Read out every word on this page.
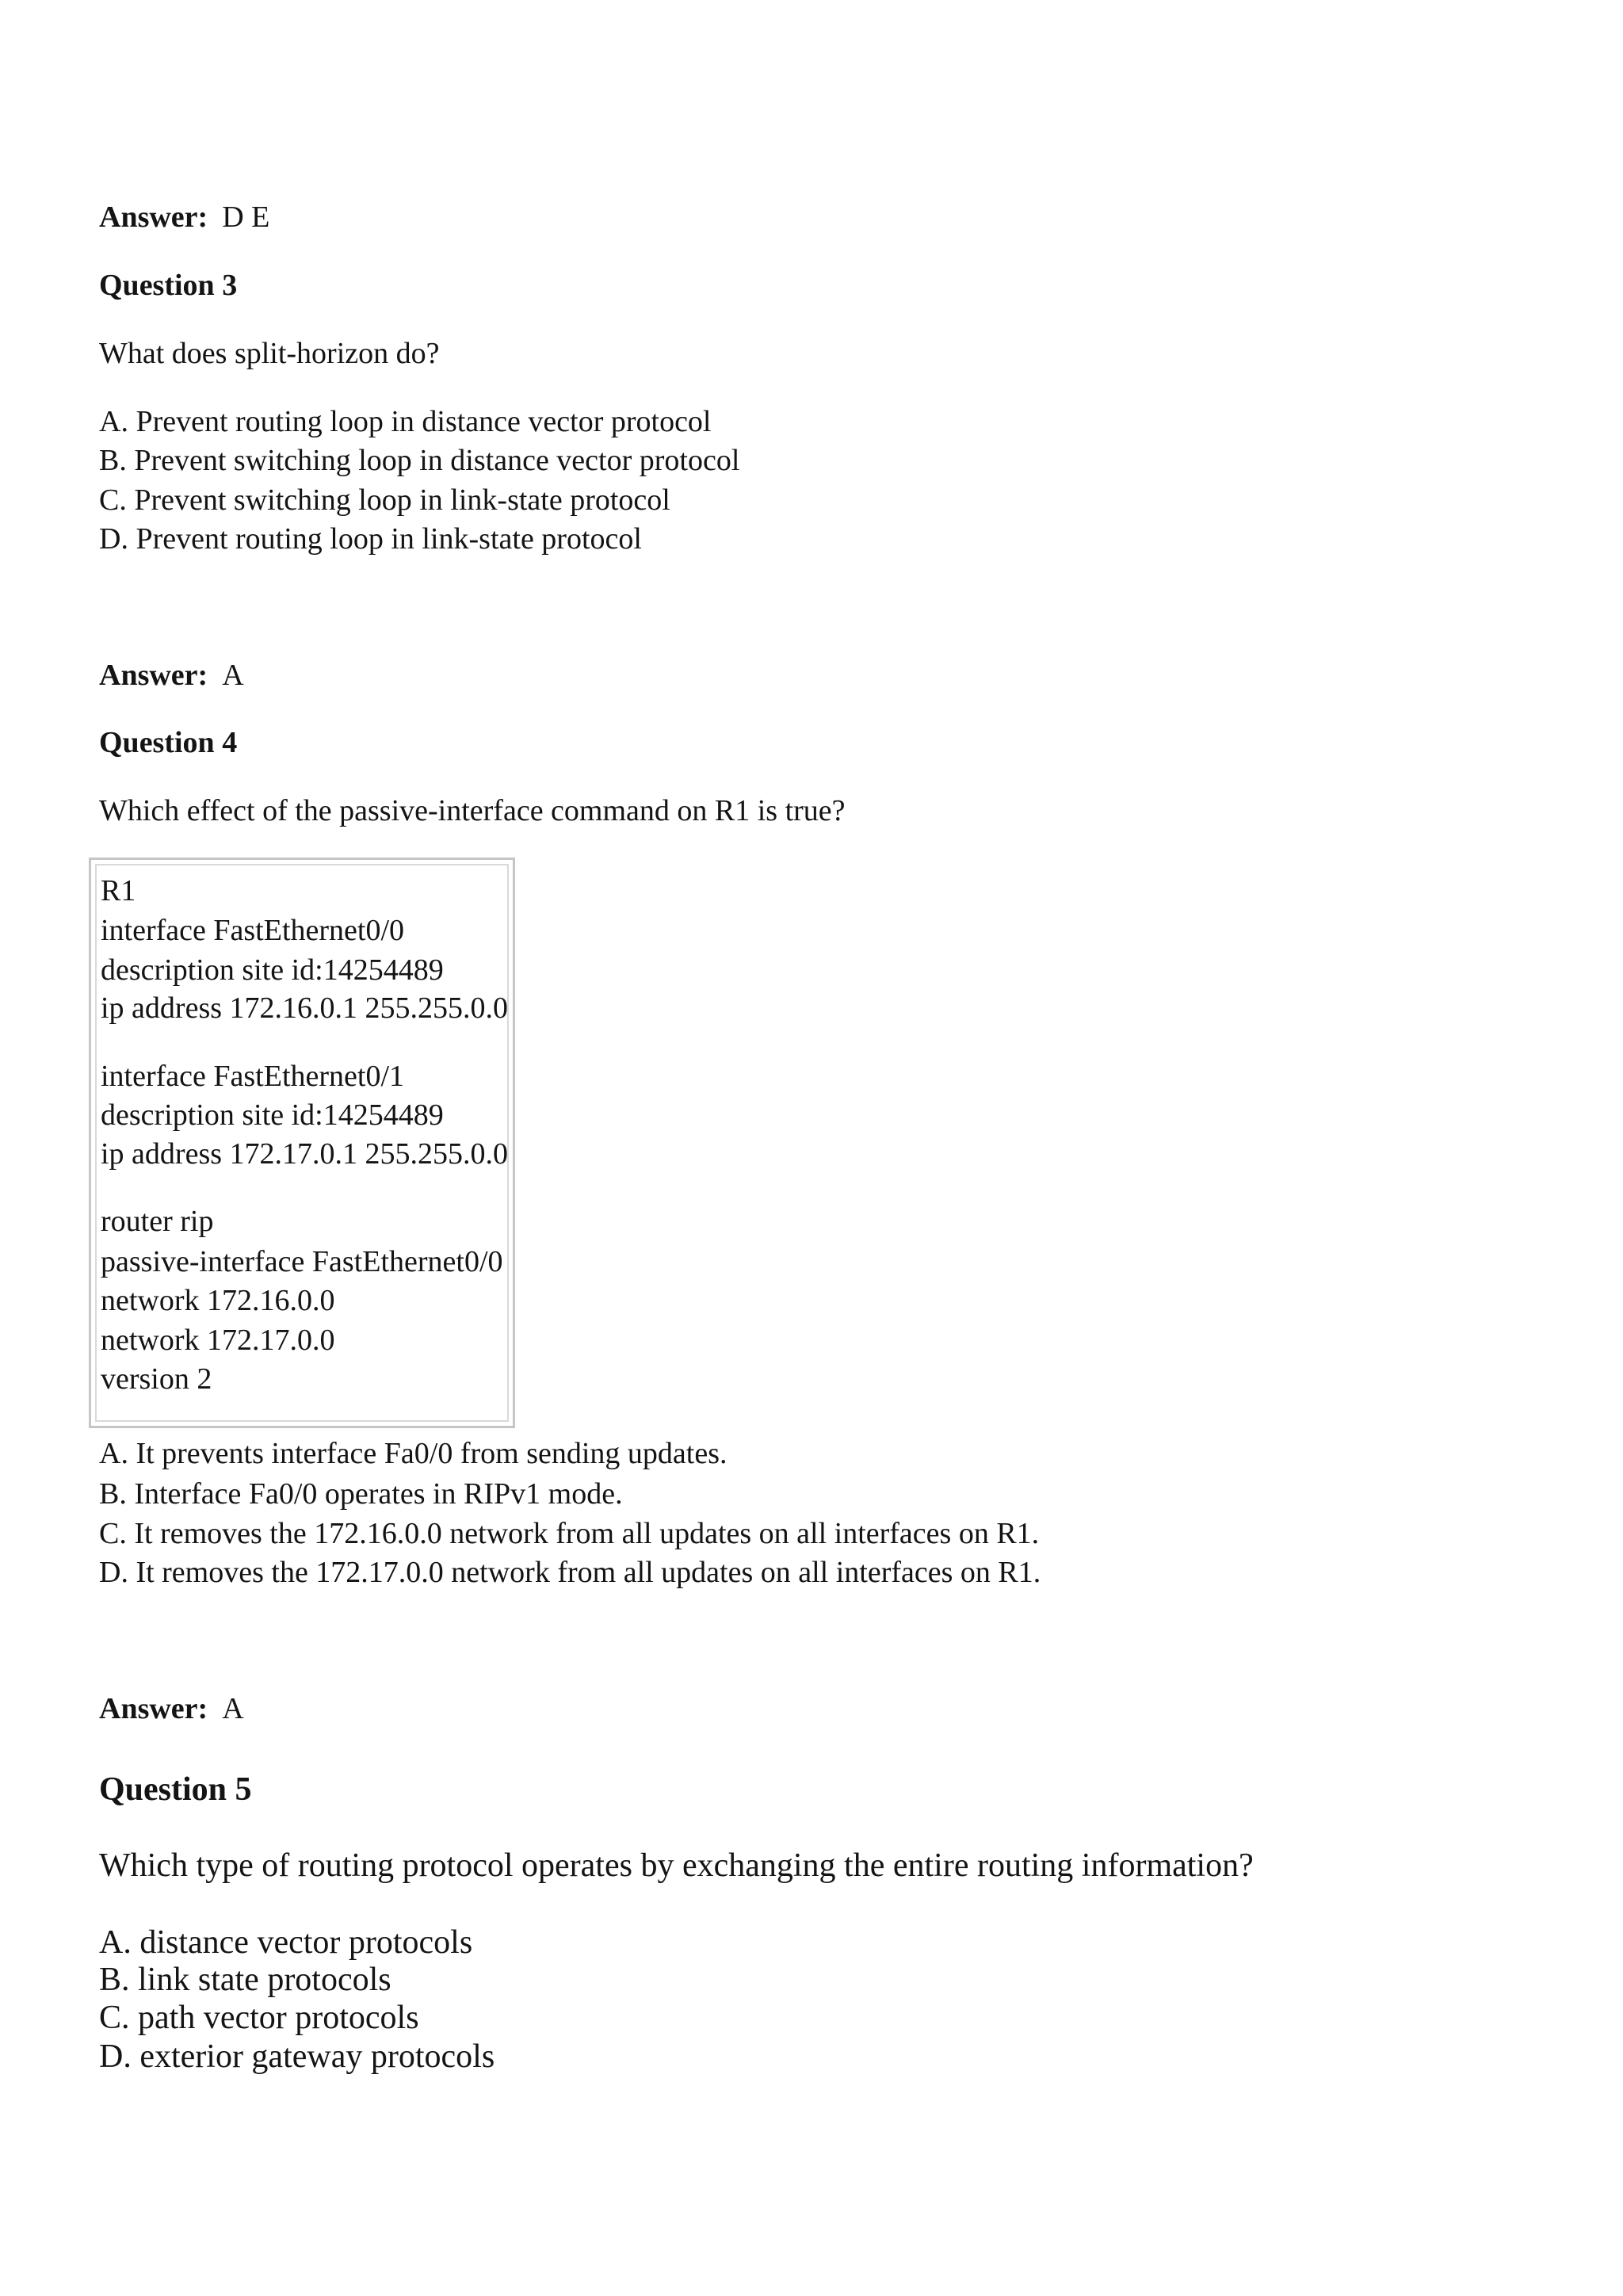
Answer: D E
Question 3
What does split-horizon do?
A. Prevent routing loop in distance vector protocol
B. Prevent switching loop in distance vector protocol
C. Prevent switching loop in link-state protocol
D. Prevent routing loop in link-state protocol
Answer: A
Question 4
Which effect of the passive-interface command on R1 is true?
R1
interface FastEthernet0/0
description site id:14254489
ip address 172.16.0.1 255.255.0.0
interface FastEthernet0/1
description site id:14254489
ip address 172.17.0.1 255.255.0.0
router rip
passive-interface FastEthernet0/0
network 172.16.0.0
network 172.17.0.0
version 2
A. It prevents interface Fa0/0 from sending updates.
B. Interface Fa0/0 operates in RIPv1 mode.
C. It removes the 172.16.0.0 network from all updates on all interfaces on R1.
D. It removes the 172.17.0.0 network from all updates on all interfaces on R1.
Answer: A
Question 5
Which type of routing protocol operates by exchanging the entire routing information?
A. distance vector protocols
B. link state protocols
C. path vector protocols
D. exterior gateway protocols
